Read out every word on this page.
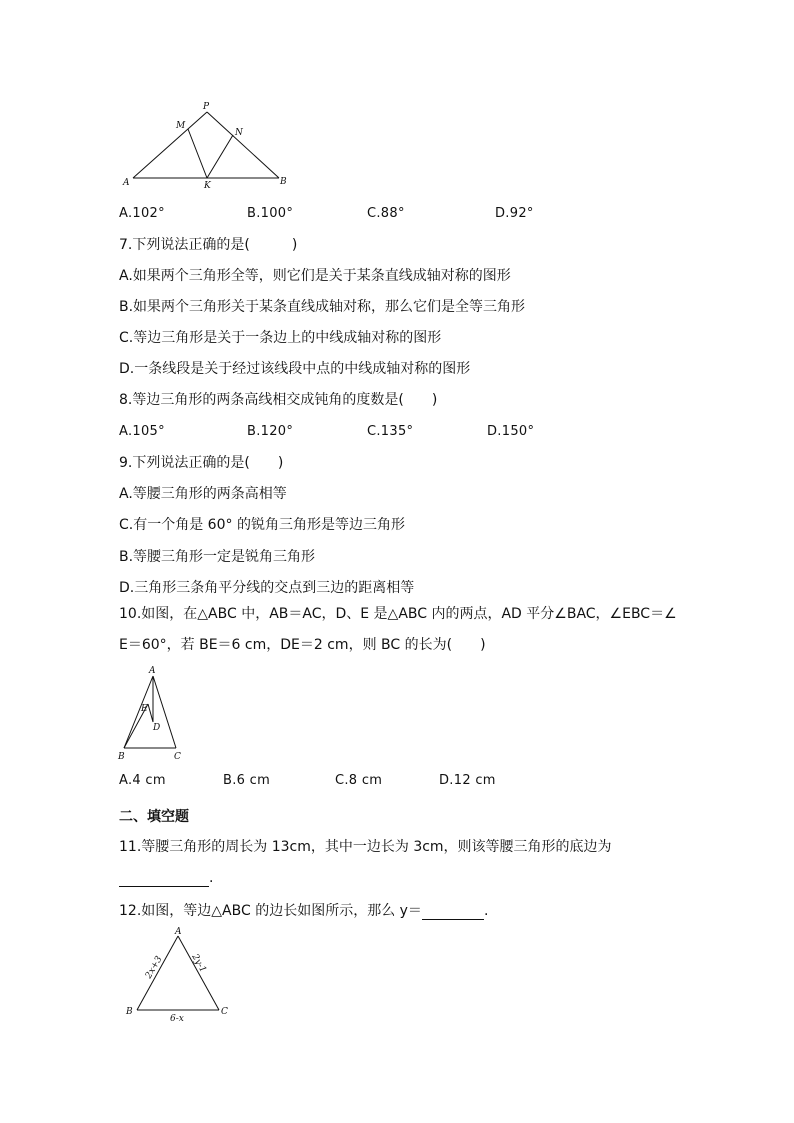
P
M
N
A	K	B
A.102°	B.100°	C.88°	D.92°
7.下列说法正确的是(　　　)
A.如果两个三角形全等，则它们是关于某条直线成轴对称的图形
B.如果两个三角形关于某条直线成轴对称，那么它们是全等三角形
C.等边三角形是关于一条边上的中线成轴对称的图形
D.一条线段是关于经过该线段中点的中线成轴对称的图形
8.等边三角形的两条高线相交成钝角的度数是(　　)
A.105°	B.120°	C.135°	D.150°
9.下列说法正确的是(　　)
A.等腰三角形的两条高相等
C.有一个角是 60° 的锐角三角形是等边三角形
B.等腰三角形一定是锐角三角形
D.三角形三条角平分线的交点到三边的距离相等
10.如图，在△ABC 中，AB＝AC，D、E 是△ABC 内的两点，AD 平分∠BAC，∠EBC＝∠
E＝60°，若 BE＝6 cm，DE＝2 cm，则 BC 的长为(　　)
A
E
D
B	C
A.4 cm	B.6 cm	C.8 cm	D.12 cm
二、填空题
11.等腰三角形的周长为 13cm，其中一边长为 3cm，则该等腰三角形的底边为
.
12.如图，等边△ABC 的边长如图所示，那么 y＝	.
A
B	C
2x+3	2y-1
6-x
